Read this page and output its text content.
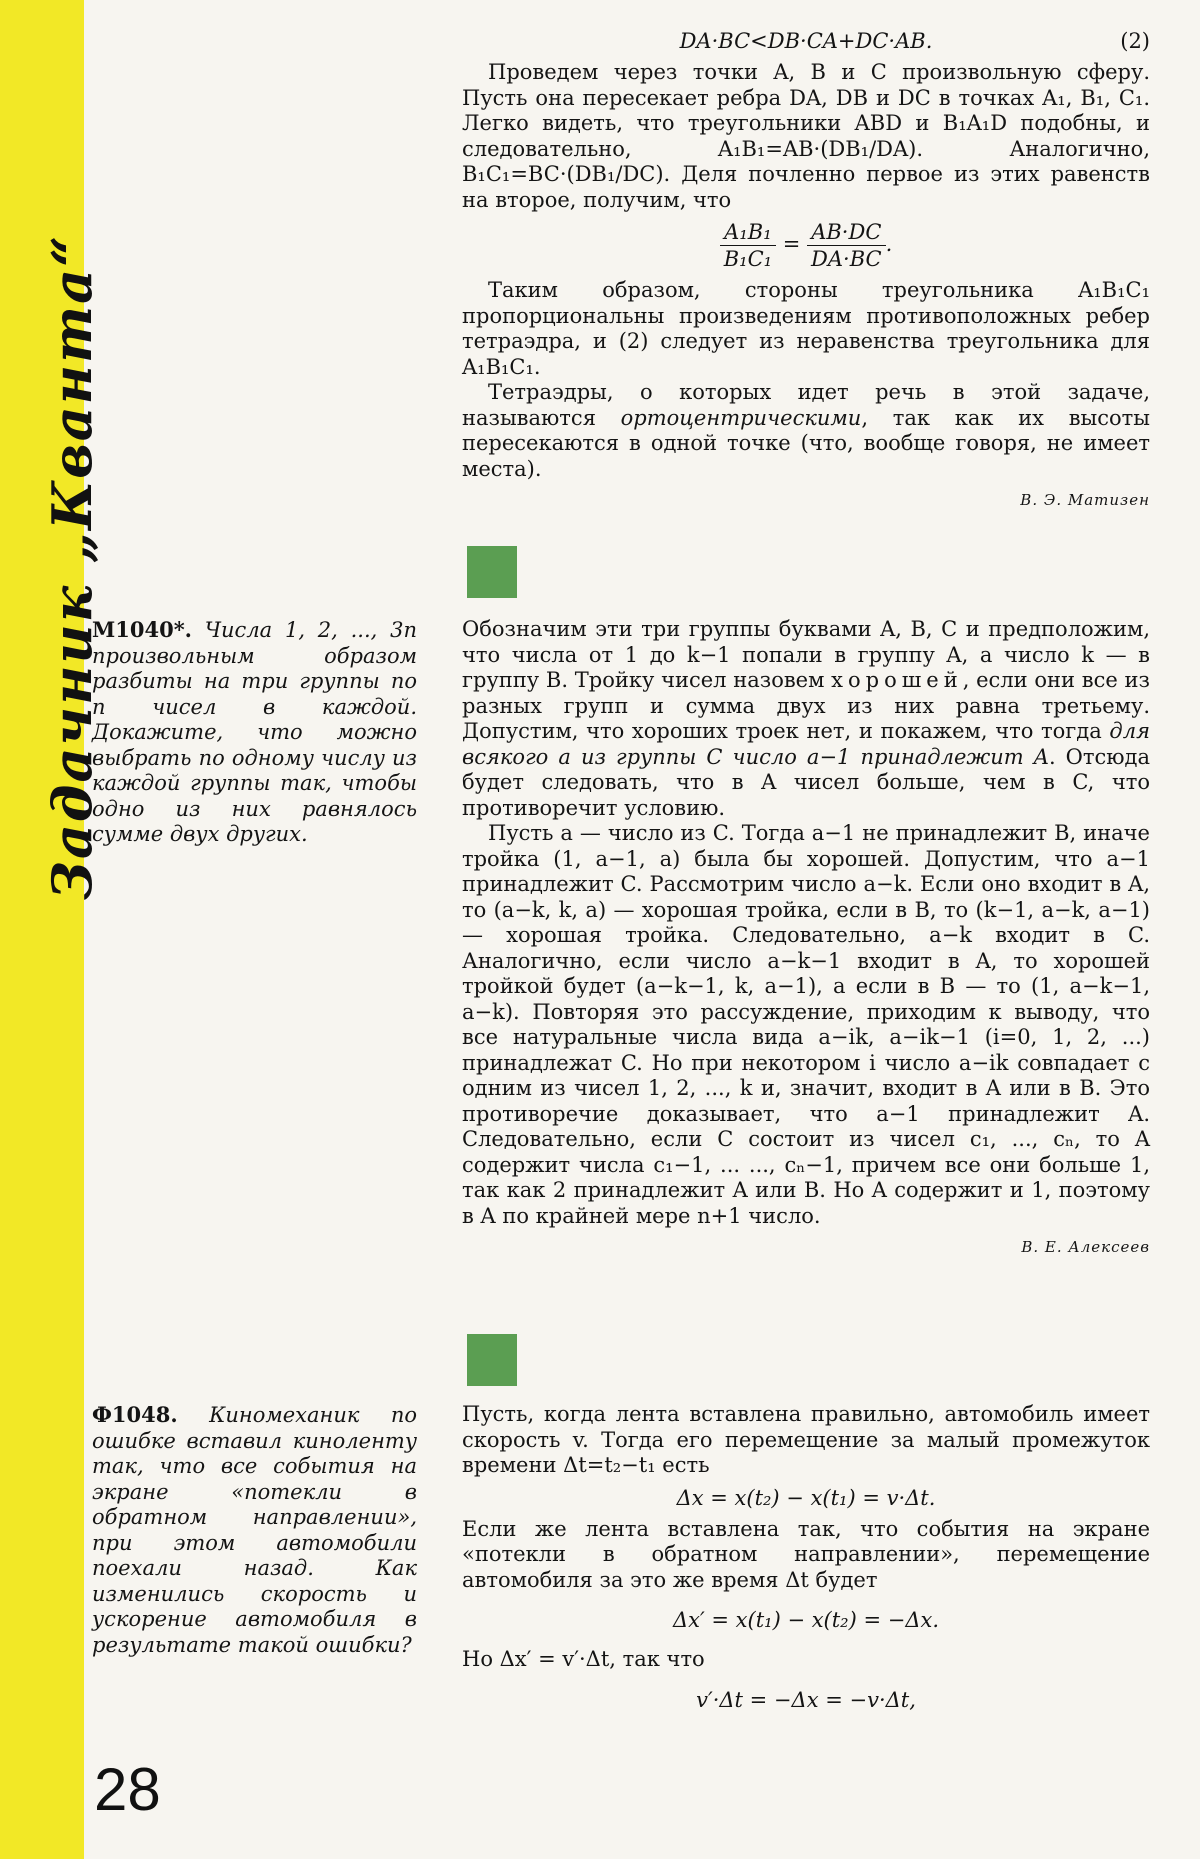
Задачник „Кванта“
28
DA·BC<DB·CA+DC·AB.	(2)

Проведем через точки A, B и C произвольную сферу. Пусть она пересекает ребра DA, DB и DC в точках A₁, B₁, C₁. Легко видеть, что треугольники ABD и B₁A₁D подобны, и следовательно, A₁B₁=AB·(DB₁/DA). Аналогично, B₁C₁=BC·(DB₁/DC). Деля почленно первое из этих равенств на второе, получим, что

$\frac{\text{A₁B₁}}{\text{B₁C₁}} = \frac{AB\cdot DC}{DA\cdot BC}$ .

Таким образом, стороны треугольника A₁B₁C₁ пропорциональны произведениям противоположных ребер тетраэдра, и (2) следует из неравенства треугольника для A₁B₁C₁.

Тетраэдры, о которых идет речь в этой задаче, называются ортоцентрическими, так как их высоты пересекаются в одной точке (что, вообще говоря, не имеет места).

В. Э. Матизен
М1040*. Числа 1, 2, ..., 3n произвольным образом разбиты на три группы по n чисел в каждой. Докажите, что можно выбрать по одному числу из каждой группы так, чтобы одно из них равнялось сумме двух других.

Обозначим эти три группы буквами A, B, C и предположим, что числа от 1 до k−1 попали в группу A, а число k — в группу B. Тройку чисел назовем хорошей, если они все из разных групп и сумма двух из них равна третьему. Допустим, что хороших троек нет, и покажем, что тогда для всякого a из группы C число a−1 принадлежит A. Отсюда будет следовать, что в A чисел больше, чем в C, что противоречит условию.

Пусть a — число из C. Тогда a−1 не принадлежит B, иначе тройка (1, a−1, a) была бы хорошей. Допустим, что a−1 принадлежит C. Рассмотрим число a−k. Если оно входит в A, то (a−k, k, a) — хорошая тройка, если в B, то (k−1, a−k, a−1) — хорошая тройка. Следовательно, a−k входит в C. Аналогично, если число a−k−1 входит в A, то хорошей тройкой будет (a−k−1, k, a−1), а если в B — то (1, a−k−1, a−k). Повторяя это рассуждение, приходим к выводу, что все натуральные числа вида a−ik, a−ik−1 (i=0, 1, 2, ...) принадлежат C. Но при некотором i число a−ik совпадает с одним из чисел 1, 2, ..., k и, значит, входит в A или в B. Это противоречие доказывает, что a−1 принадлежит A. Следовательно, если C состоит из чисел c₁, ..., cₙ, то A содержит числа c₁−1, ... ..., cₙ−1, причем все они больше 1, так как 2 принадлежит A или B. Но A содержит и 1, поэтому в A по крайней мере n+1 число.

В. Е. Алексеев
Ф1048. Киномеханик по ошибке вставил киноленту так, что все события на экране «потекли в обратном направлении», при этом автомобили поехали назад. Как изменились скорость и ускорение автомобиля в результате такой ошибки?

Пусть, когда лента вставлена правильно, автомобиль имеет скорость v. Тогда его перемещение за малый промежуток времени Δt=t₂−t₁ есть

Δx = x(t₂) − x(t₁) = v·Δt.

Если же лента вставлена так, что события на экране «потекли в обратном направлении», перемещение автомобиля за это же время Δt будет

Δx′ = x(t₁) − x(t₂) = −Δx.

Но Δx′ = v′·Δt, так что

v′·Δt = −Δx = −v·Δt,
